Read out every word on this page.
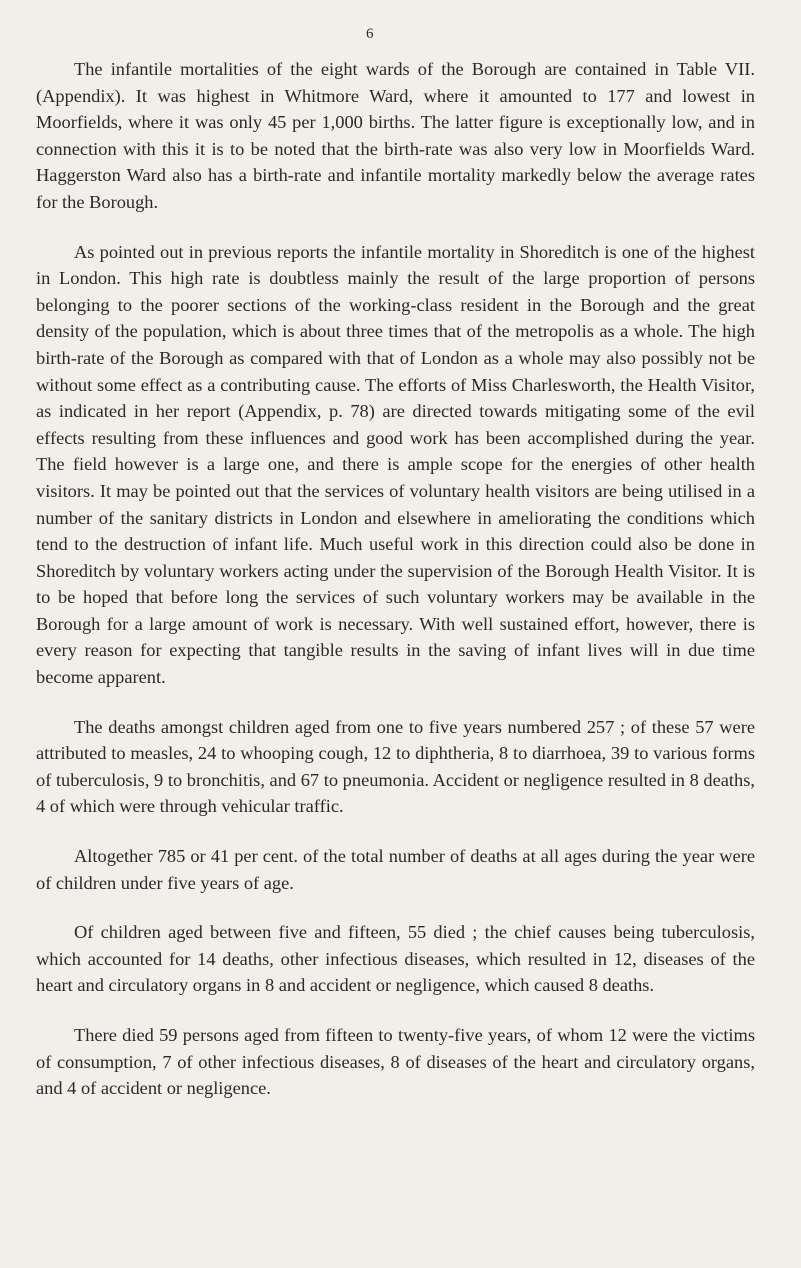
6

The infantile mortalities of the eight wards of the Borough are contained in Table VII. (Appendix). It was highest in Whitmore Ward, where it amounted to 177 and lowest in Moorfields, where it was only 45 per 1,000 births. The latter figure is exceptionally low, and in connection with this it is to be noted that the birth-rate was also very low in Moorfields Ward. Haggerston Ward also has a birth-rate and infantile mortality markedly below the average rates for the Borough.

As pointed out in previous reports the infantile mortality in Shoreditch is one of the highest in London. This high rate is doubtless mainly the result of the large proportion of persons belonging to the poorer sections of the working-class resident in the Borough and the great density of the population, which is about three times that of the metropolis as a whole. The high birth-rate of the Borough as compared with that of London as a whole may also possibly not be without some effect as a contributing cause. The efforts of Miss Charlesworth, the Health Visitor, as indicated in her report (Appendix, p. 78) are directed towards mitigating some of the evil effects resulting from these influences and good work has been accomplished during the year. The field however is a large one, and there is ample scope for the energies of other health visitors. It may be pointed out that the services of voluntary health visitors are being utilised in a number of the sanitary districts in London and elsewhere in ameliorating the conditions which tend to the destruction of infant life. Much useful work in this direction could also be done in Shoreditch by voluntary workers acting under the supervision of the Borough Health Visitor. It is to be hoped that before long the services of such voluntary workers may be available in the Borough for a large amount of work is necessary. With well sustained effort, however, there is every reason for expecting that tangible results in the saving of infant lives will in due time become apparent.

The deaths amongst children aged from one to five years numbered 257 ; of these 57 were attributed to measles, 24 to whooping cough, 12 to diphtheria, 8 to diarrhoea, 39 to various forms of tuberculosis, 9 to bronchitis, and 67 to pneumonia. Accident or negligence resulted in 8 deaths, 4 of which were through vehicular traffic.

Altogether 785 or 41 per cent. of the total number of deaths at all ages during the year were of children under five years of age.

Of children aged between five and fifteen, 55 died ; the chief causes being tuberculosis, which accounted for 14 deaths, other infectious diseases, which resulted in 12, diseases of the heart and circulatory organs in 8 and accident or negligence, which caused 8 deaths.

There died 59 persons aged from fifteen to twenty-five years, of whom 12 were the victims of consumption, 7 of other infectious diseases, 8 of diseases of the heart and circulatory organs, and 4 of accident or negligence.
